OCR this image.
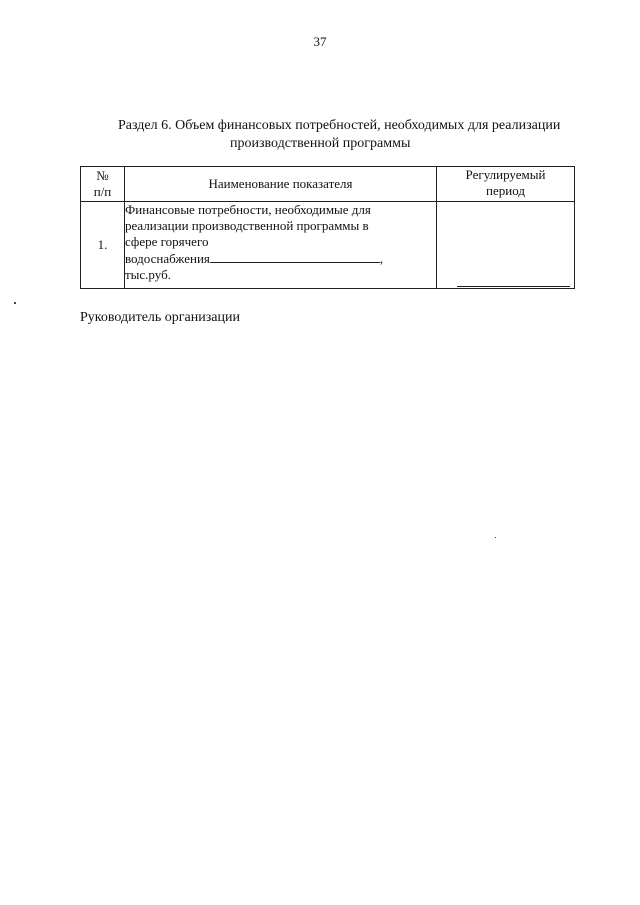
37
Раздел 6. Объем финансовых потребностей, необходимых для реализации
производственной программы
№
п/п	Наименование показателя	Регулируемый
период
1.	Финансовые потребности, необходимые для
реализации производственной программы в
сфере горячего
водоснабжения ,
тыс.руб.	
Руководитель организации
